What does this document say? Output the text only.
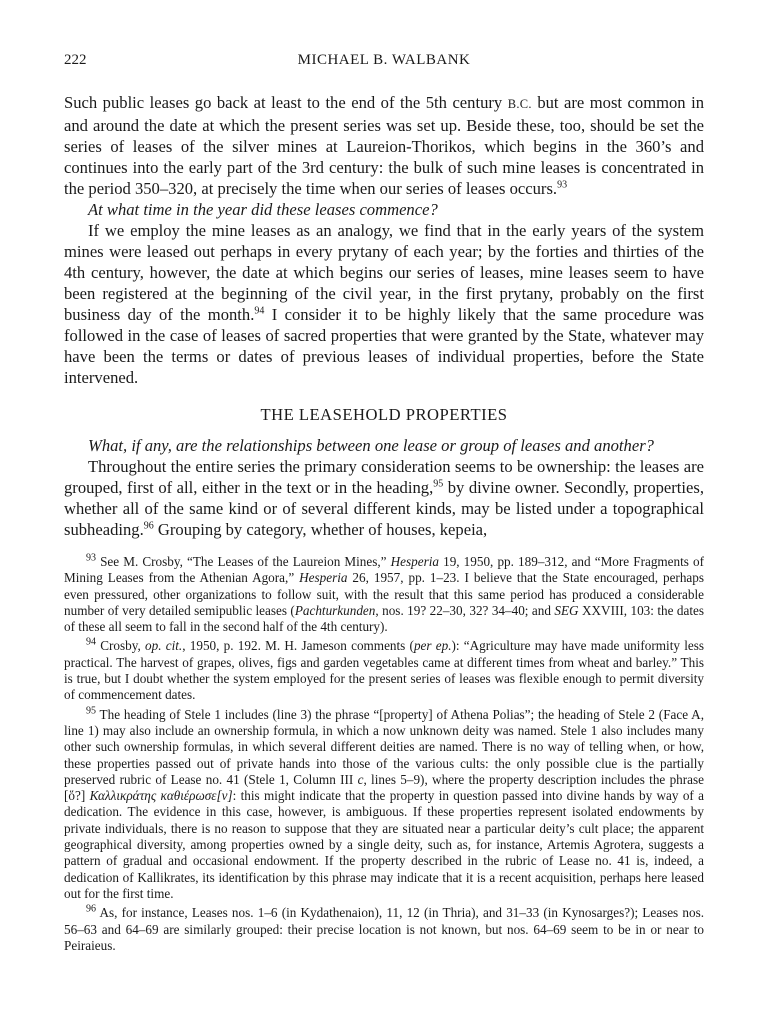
222	MICHAEL B. WALBANK

Such public leases go back at least to the end of the 5th century B.C. but are most common in and around the date at which the present series was set up. Beside these, too, should be set the series of leases of the silver mines at Laureion-Thorikos, which begins in the 360’s and continues into the early part of the 3rd century: the bulk of such mine leases is concentrated in the period 350–320, at precisely the time when our series of leases occurs.$^{93}$

At what time in the year did these leases commence?

If we employ the mine leases as an analogy, we find that in the early years of the system mines were leased out perhaps in every prytany of each year; by the forties and thirties of the 4th century, however, the date at which begins our series of leases, mine leases seem to have been registered at the beginning of the civil year, in the first prytany, probably on the first business day of the month.$^{94}$ I consider it to be highly likely that the same procedure was followed in the case of leases of sacred properties that were granted by the State, whatever may have been the terms or dates of previous leases of individual properties, before the State intervened.

THE LEASEHOLD PROPERTIES

What, if any, are the relationships between one lease or group of leases and another?

Throughout the entire series the primary consideration seems to be ownership: the leases are grouped, first of all, either in the text or in the heading,$^{95}$ by divine owner. Secondly, properties, whether all of the same kind or of several different kinds, may be listed under a topographical subheading.$^{96}$ Grouping by category, whether of houses, kepeia,

$^{93}$ See M. Crosby, “The Leases of the Laureion Mines,” Hesperia 19, 1950, pp. 189–312, and “More Fragments of Mining Leases from the Athenian Agora,” Hesperia 26, 1957, pp. 1–23. I believe that the State encouraged, perhaps even pressured, other organizations to follow suit, with the result that this same period has produced a considerable number of very detailed semipublic leases (Pachturkunden, nos. 19? 22–30, 32? 34–40; and SEG XXVIII, 103: the dates of these all seem to fall in the second half of the 4th century).

$^{94}$ Crosby, op. cit., 1950, p. 192. M. H. Jameson comments (per ep.): “Agriculture may have made uniformity less practical. The harvest of grapes, olives, figs and garden vegetables came at different times from wheat and barley.” This is true, but I doubt whether the system employed for the present series of leases was flexible enough to permit diversity of commencement dates.

$^{95}$ The heading of Stele 1 includes (line 3) the phrase “[property] of Athena Polias”; the heading of Stele 2 (Face A, line 1) may also include an ownership formula, in which a now unknown deity was named. Stele 1 also includes many other such ownership formulas, in which several different deities are named. There is no way of telling when, or how, these properties passed out of private hands into those of the various cults: the only possible clue is the partially preserved rubric of Lease no. 41 (Stele 1, Column III c, lines 5–9), where the property description includes the phrase [ὅ?] Καλλικράτης καθιέρωσε[ν]: this might indicate that the property in question passed into divine hands by way of a dedication. The evidence in this case, however, is ambiguous. If these properties represent isolated endowments by private individuals, there is no reason to suppose that they are situated near a particular deity’s cult place; the apparent geographical diversity, among properties owned by a single deity, such as, for instance, Artemis Agrotera, suggests a pattern of gradual and occasional endowment. If the property described in the rubric of Lease no. 41 is, indeed, a dedication of Kallikrates, its identification by this phrase may indicate that it is a recent acquisition, perhaps here leased out for the first time.

$^{96}$ As, for instance, Leases nos. 1–6 (in Kydathenaion), 11, 12 (in Thria), and 31–33 (in Kynosarges?); Leases nos. 56–63 and 64–69 are similarly grouped: their precise location is not known, but nos. 64–69 seem to be in or near to Peiraieus.
